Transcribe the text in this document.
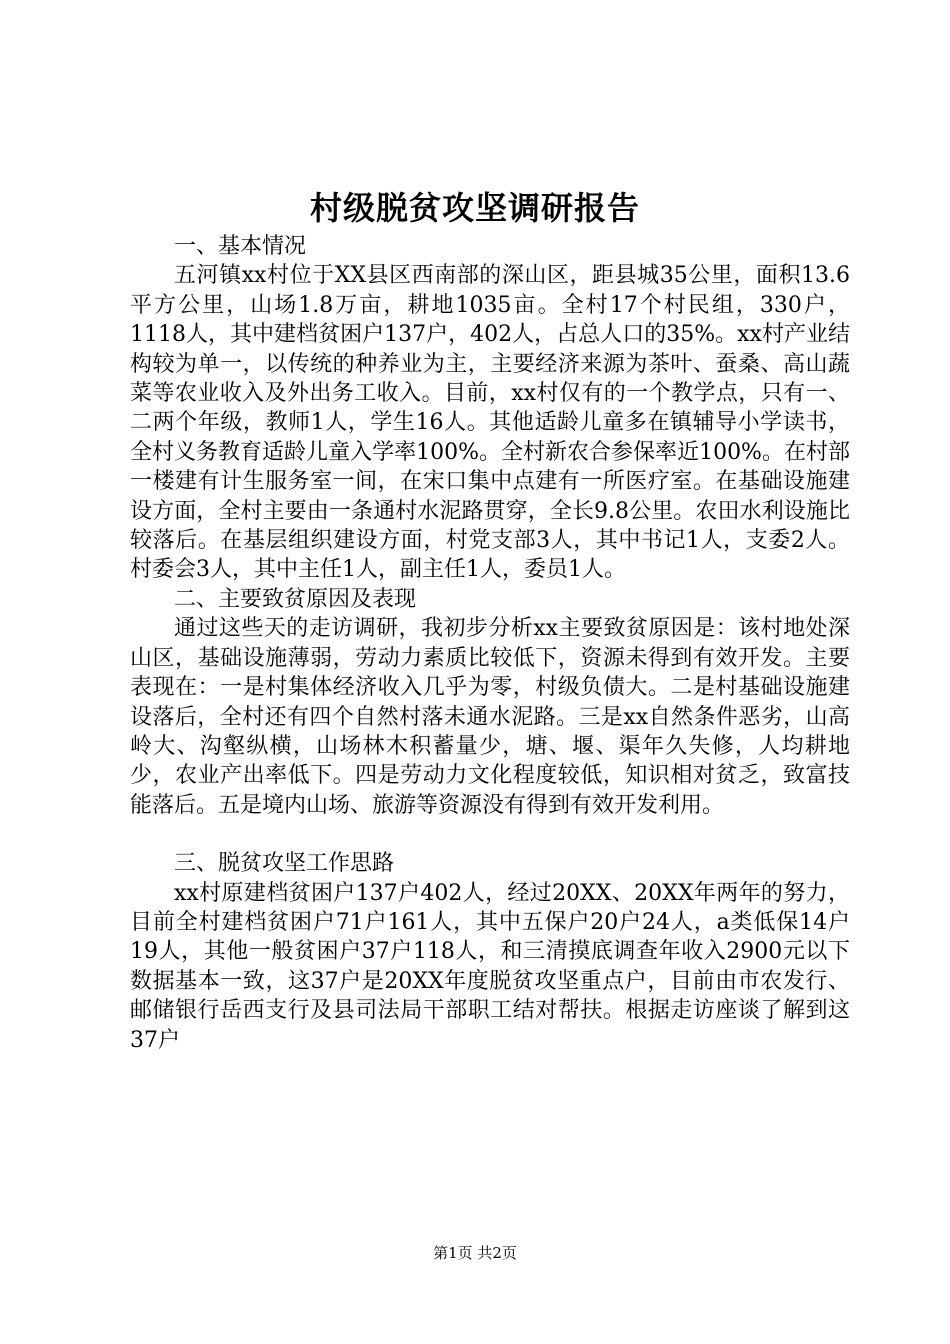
村级脱贫攻坚调研报告

一、基本情况

五河镇xx村位于XX县区西南部的深山区，距县城35公里，面积13.6平方公里，山场1.8万亩，耕地1035亩。全村17个村民组，330户，1118人，其中建档贫困户137户，402人，占总人口的35%。xx村产业结构较为单一，以传统的种养业为主，主要经济来源为茶叶、蚕桑、高山蔬菜等农业收入及外出务工收入。目前，xx村仅有的一个教学点，只有一、二两个年级，教师1人，学生16人。其他适龄儿童多在镇辅导小学读书，全村义务教育适龄儿童入学率100%。全村新农合参保率近100%。在村部一楼建有计生服务室一间，在宋口集中点建有一所医疗室。在基础设施建设方面，全村主要由一条通村水泥路贯穿，全长9.8公里。农田水利设施比较落后。在基层组织建设方面，村党支部3人，其中书记1人，支委2人。村委会3人，其中主任1人，副主任1人，委员1人。

二、主要致贫原因及表现

通过这些天的走访调研，我初步分析xx主要致贫原因是：该村地处深山区，基础设施薄弱，劳动力素质比较低下，资源未得到有效开发。主要表现在：一是村集体经济收入几乎为零，村级负债大。二是村基础设施建设落后，全村还有四个自然村落未通水泥路。三是xx自然条件恶劣，山高岭大、沟壑纵横，山场林木积蓄量少，塘、堰、渠年久失修，人均耕地少，农业产出率低下。四是劳动力文化程度较低，知识相对贫乏，致富技能落后。五是境内山场、旅游等资源没有得到有效开发利用。

三、脱贫攻坚工作思路

xx村原建档贫困户137户402人，经过20XX、20XX年两年的努力，目前全村建档贫困户71户161人，其中五保户20户24人，a类低保14户19人，其他一般贫困户37户118人，和三清摸底调查年收入2900元以下数据基本一致，这37户是20XX年度脱贫攻坚重点户，目前由市农发行、邮储银行岳西支行及县司法局干部职工结对帮扶。根据走访座谈了解到这37户

第1页 共2页
